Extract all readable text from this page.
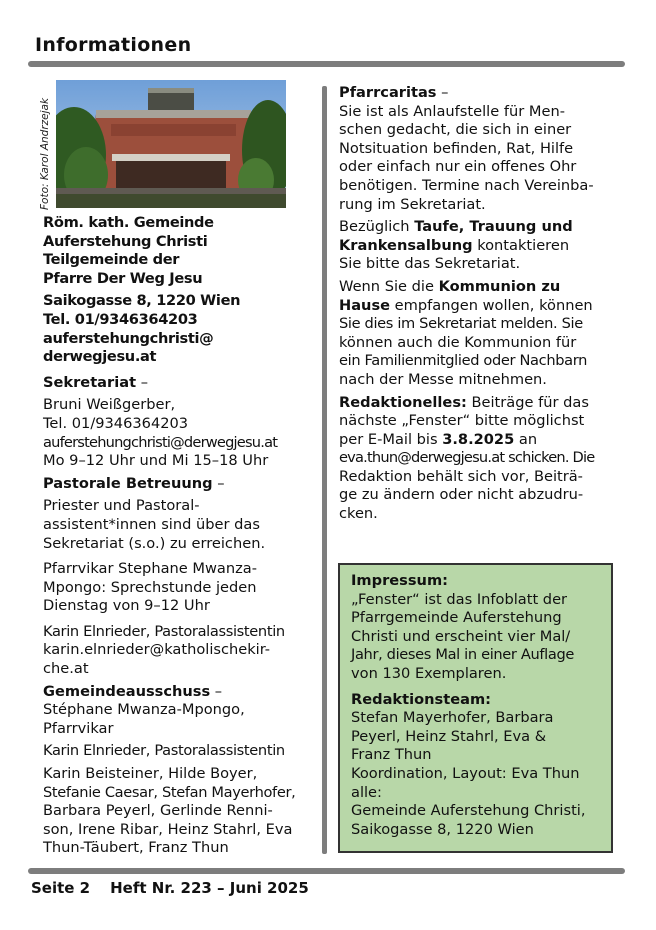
Informationen
Foto: Karol Andrzejak
Röm. kath. Gemeinde
Auferstehung Christi
Teilgemeinde der
Pfarre Der Weg Jesu
Saikogasse 8, 1220 Wien
Tel. 01/9346364203
auferstehungchristi@
derwegjesu.at
Sekretariat –
Bruni Weißgerber,
Tel. 01/9346364203
auferstehungchristi@derwegjesu.at
Mo 9–12 Uhr und Mi 15–18 Uhr
Pastorale Betreuung –
Priester und Pastoral-
assistent*innen sind über das
Sekretariat (s.o.) zu erreichen.
Pfarrvikar Stephane Mwanza-
Mpongo: Sprechstunde jeden
Dienstag von 9–12 Uhr
Karin Elnrieder, Pastoralassistentin
karin.elnrieder@katholischekir-
che.at
Gemeindeausschuss –
Stéphane Mwanza-Mpongo,
Pfarrvikar
Karin Elnrieder, Pastoralassistentin
Karin Beisteiner, Hilde Boyer,
Stefanie Caesar, Stefan Mayerhofer,
Barbara Peyerl, Gerlinde Renni-
son, Irene Ribar, Heinz Stahrl, Eva
Thun-Täubert, Franz Thun
Pfarrcaritas –
Sie ist als Anlaufstelle für Men-
schen gedacht, die sich in einer
Notsituation befinden, Rat, Hilfe
oder einfach nur ein offenes Ohr
benötigen. Termine nach Vereinba-
rung im Sekretariat.
Bezüglich Taufe, Trauung und
Krankensalbung kontaktieren
Sie bitte das Sekretariat.
Wenn Sie die Kommunion zu
Hause empfangen wollen, können
Sie dies im Sekretariat melden. Sie
können auch die Kommunion für
ein Familienmitglied oder Nachbarn
nach der Messe mitnehmen.
Redaktionelles: Beiträge für das
nächste „Fenster“ bitte möglichst
per E-Mail bis 3.8.2025 an
eva.thun@derwegjesu.at schicken. Die
Redaktion behält sich vor, Beiträ-
ge zu ändern oder nicht abzudru-
cken.
Impressum:
„Fenster“ ist das Infoblatt der
Pfarrgemeinde Auferstehung
Christi und erscheint vier Mal/
Jahr, dieses Mal in einer Auflage
von 130 Exemplaren.
Redaktionsteam:
Stefan Mayerhofer, Barbara
Peyerl, Heinz Stahrl, Eva &
Franz Thun
Koordination, Layout: Eva Thun
alle:
Gemeinde Auferstehung Christi,
Saikogasse 8, 1220 Wien
Seite 2 Heft Nr. 223 – Juni 2025
